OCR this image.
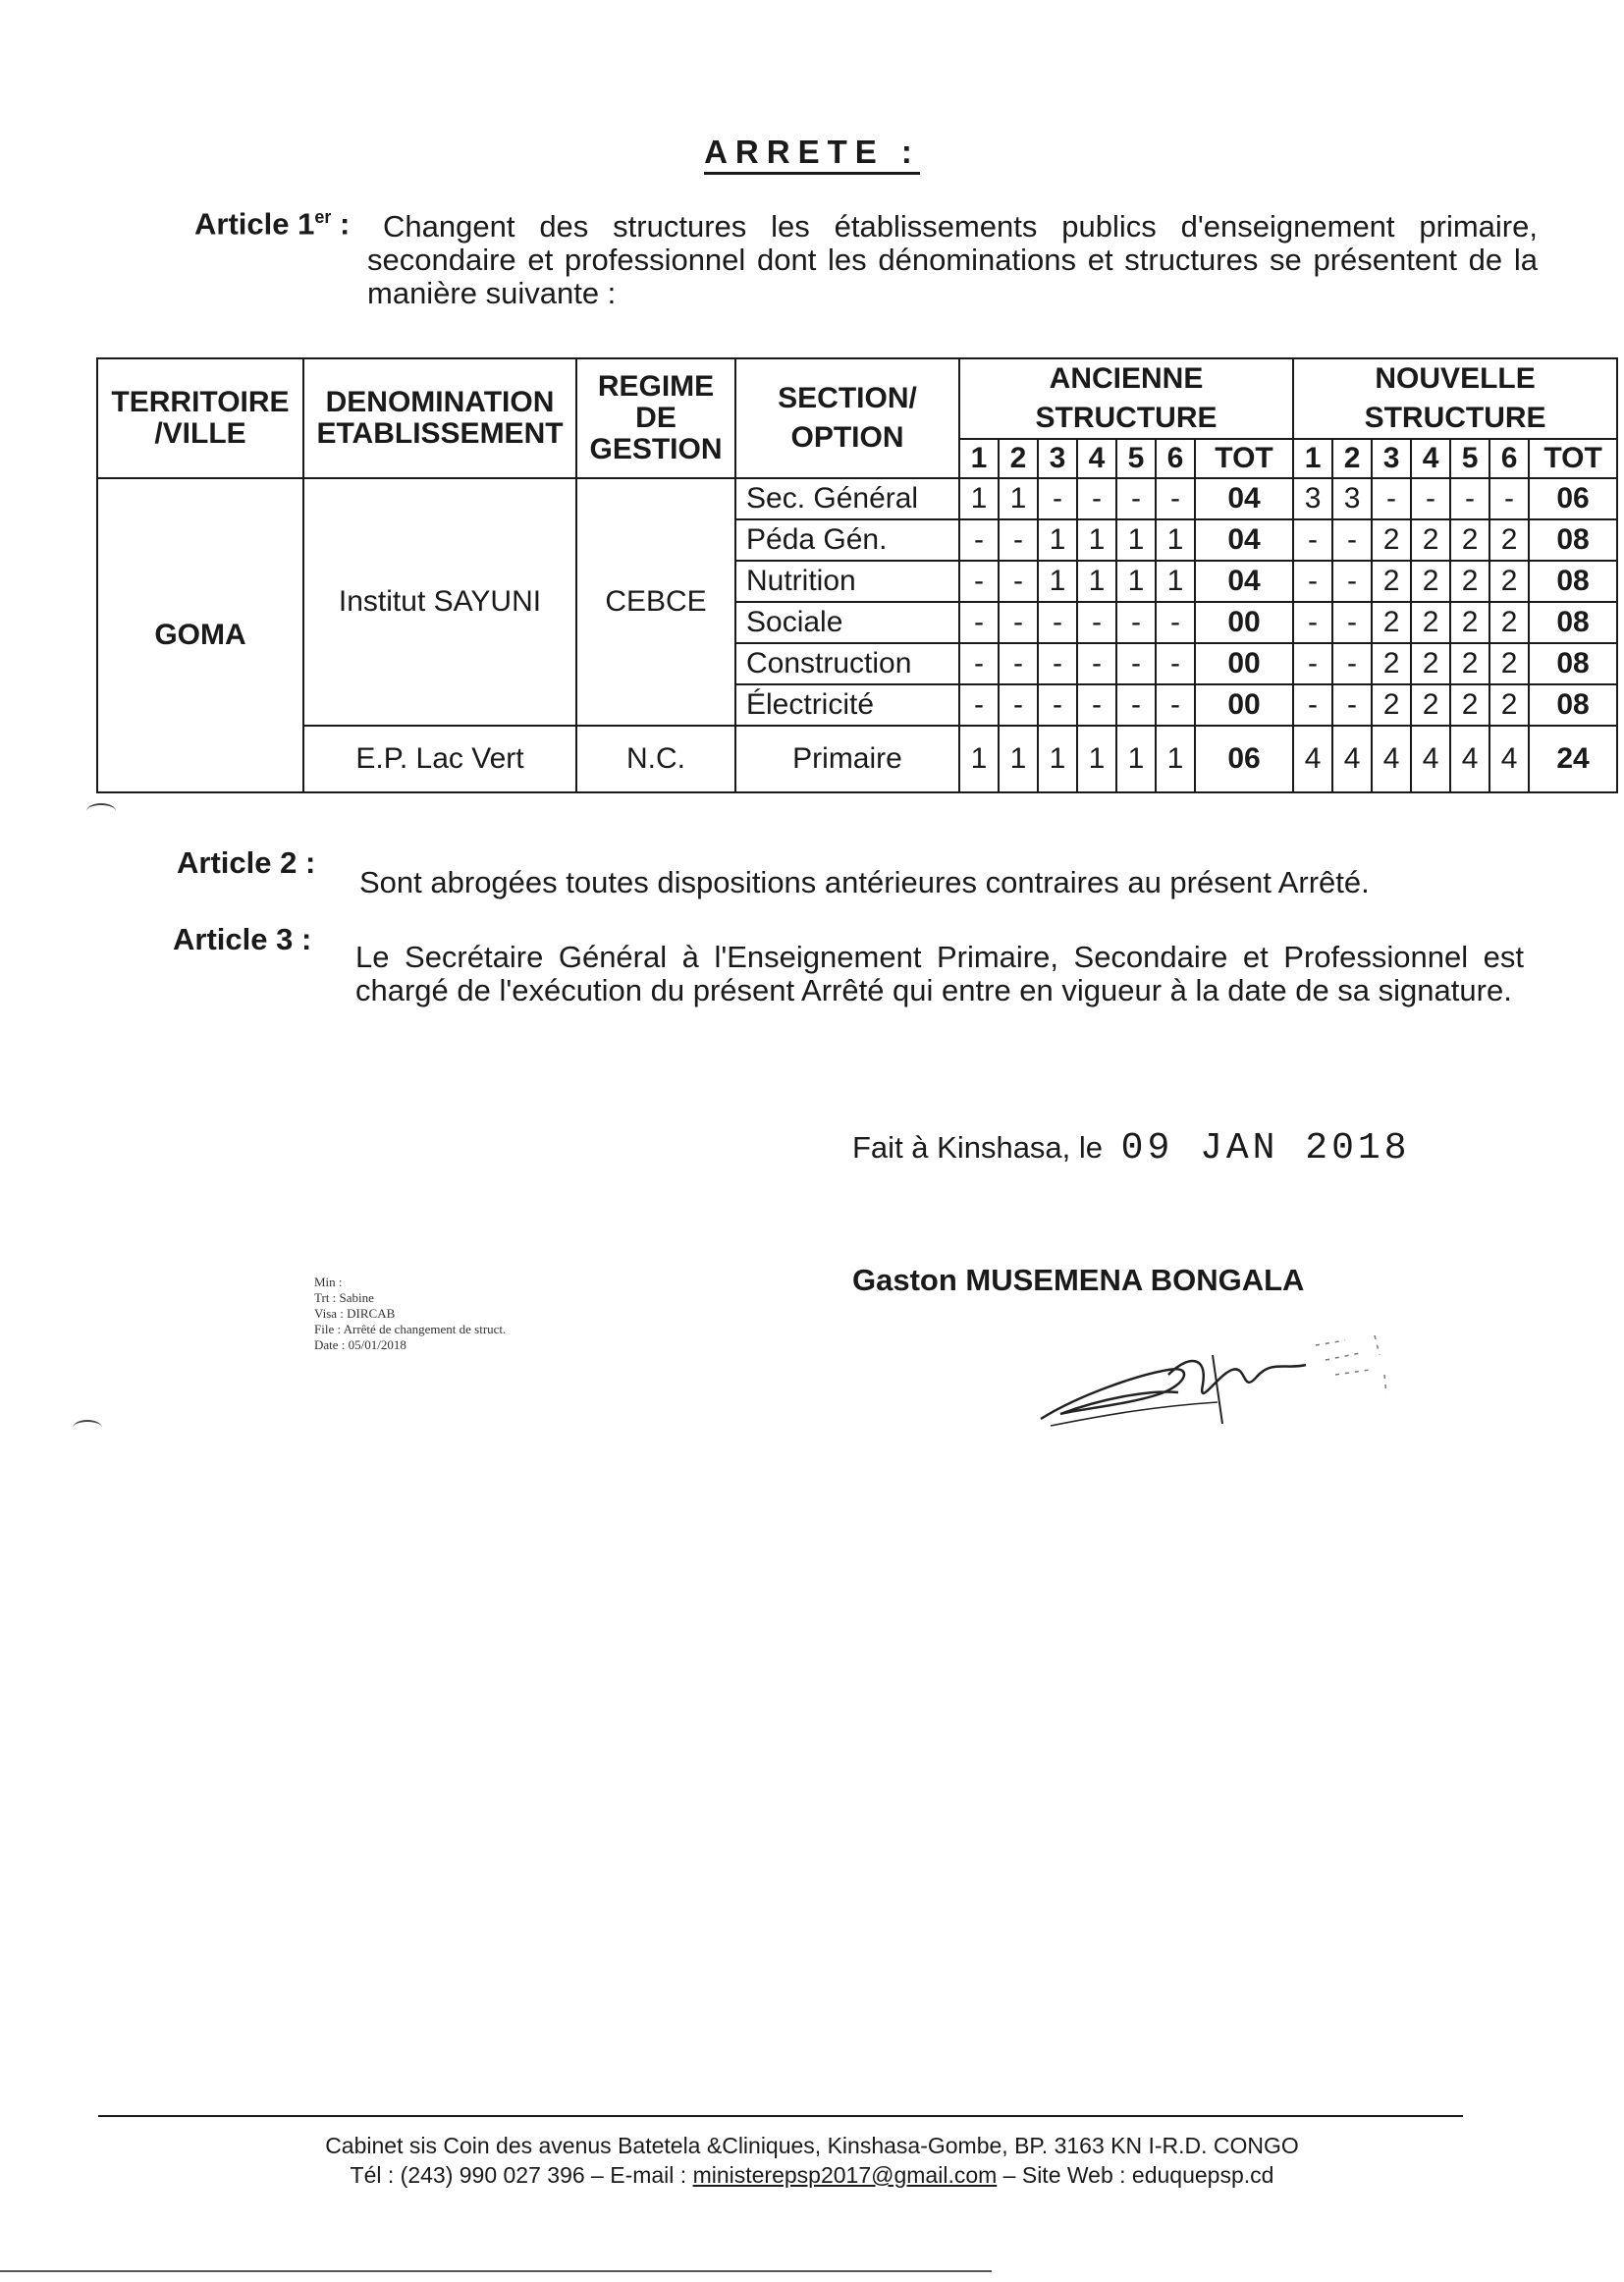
ARRETE :
Article 1er :	Changent des structures les établissements publics d'enseignement primaire, secondaire et professionnel dont les dénominations et structures se présentent de la manière suivante :
TERRITOIRE /VILLE	DENOMINATION ETABLISSEMENT	REGIME DE GESTION	SECTION/ OPTION	ANCIENNE STRUCTURE							NOUVELLE STRUCTURE						
				1	2	3	4	5	6	TOT	1	2	3	4	5	6	TOT
GOMA	Institut SAYUNI	CEBCE	Sec. Général	1	1	-	-	-	-	04	3	3	-	-	-	-	06
			Péda Gén.	-	-	1	1	1	1	04	-	-	2	2	2	2	08
			Nutrition	-	-	1	1	1	1	04	-	-	2	2	2	2	08
			Sociale	-	-	-	-	-	-	00	-	-	2	2	2	2	08
			Construction	-	-	-	-	-	-	00	-	-	2	2	2	2	08
			Électricité	-	-	-	-	-	-	00	-	-	2	2	2	2	08
	E.P. Lac Vert	N.C.	Primaire	1	1	1	1	1	1	06	4	4	4	4	4	4	24
Article 2 :
Sont abrogées toutes dispositions antérieures contraires au présent Arrêté.
Article 3 :
Le Secrétaire Général à l'Enseignement Primaire, Secondaire et Professionnel est chargé de l'exécution du présent Arrêté qui entre en vigueur à la date de sa signature.
Fait à Kinshasa, le 09 JAN 2018
Min :
Trt : Sabine
Visa : DIRCAB
File : Arrêté de changement de struct.
Date : 05/01/2018
Gaston MUSEMENA BONGALA
Cabinet sis Coin des avenus Batetela &Cliniques, Kinshasa-Gombe, BP. 3163 KN I-R.D. CONGO
Tél : (243) 990 027 396 – E-mail : ministerepsp2017@gmail.com – Site Web : eduquepsp.cd
